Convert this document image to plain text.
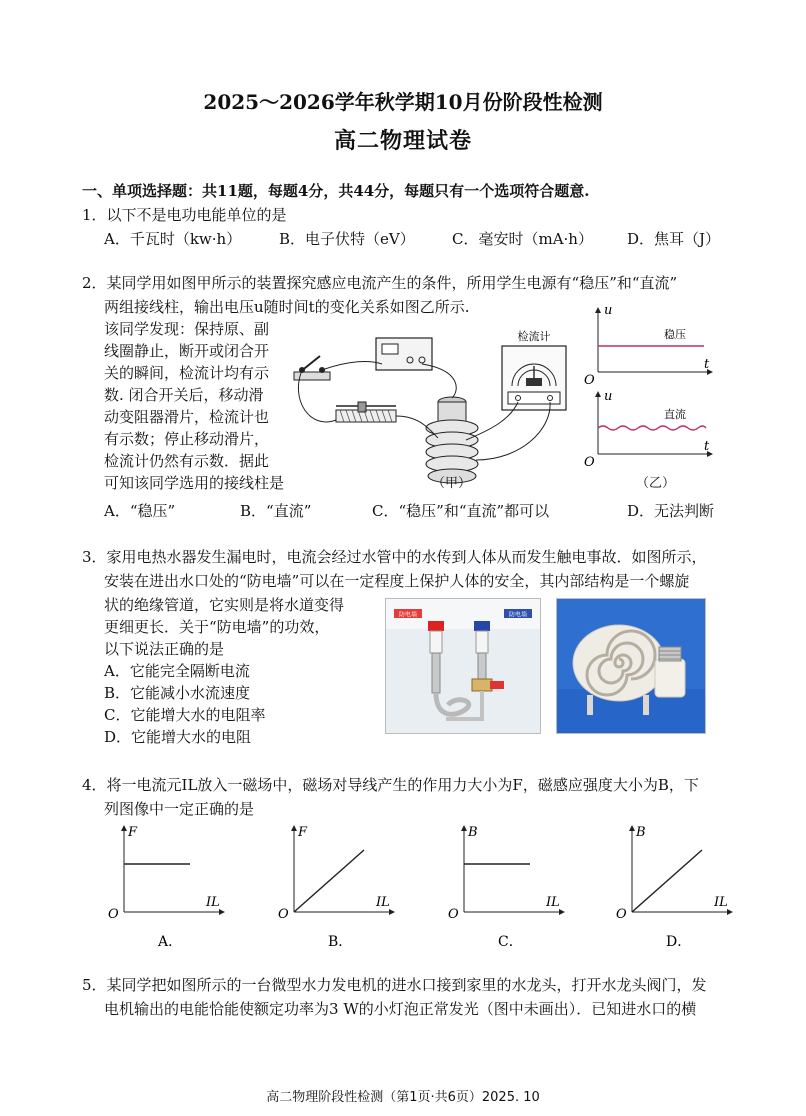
2025～2026学年秋学期10月份阶段性检测
高二物理试卷
一、单项选择题：共11题，每题4分，共44分，每题只有一个选项符合题意.
1．以下不是电功电能单位的是
A．千瓦时（kw·h）	B．电子伏特（eV） C．毫安时（mA·h） D．焦耳（J）
2．某同学用如图甲所示的装置探究感应电流产生的条件，所用学生电源有“稳压”和“直流”
两组接线柱，输出电压u随时间t的变化关系如图乙所示.
该同学发现：保持原、副
线圈静止，断开或闭合开
关的瞬间，检流计均有示
数. 闭合开关后，移动滑
动变阻器滑片，检流计也
有示数；停止移动滑片，
检流计仍然有示数．据此
可知该同学选用的接线柱是
检流计
（甲）
u
t
O
稳压
u
t
O
直流
（乙）
A．“稳压”	B．“直流”	C．“稳压”和“直流”都可以	D．无法判断
3．家用电热水器发生漏电时，电流会经过水管中的水传到人体从而发生触电事故．如图所示，
安装在进出水口处的“防电墙”可以在一定程度上保护人体的安全，其内部结构是一个螺旋
状的绝缘管道，它实则是将水道变得
更细更长．关于“防电墙”的功效，
以下说法正确的是
A．它能完全隔断电流
B．它能减小水流速度
C．它能增大水的电阻率
D．它能增大水的电阻
防电墙	防电墙
4．将一电流元IL放入一磁场中，磁场对导线产生的作用力大小为F，磁感应强度大小为B，下
列图像中一定正确的是
F
IL
O
A．
F
IL
O
B．
B
IL
O
C．
B
IL
O
D．
5．某同学把如图所示的一台微型水力发电机的进水口接到家里的水龙头，打开水龙头阀门，发
电机输出的电能恰能使额定功率为3 W的小灯泡正常发光（图中未画出）．已知进水口的横
高二物理阶段性检测（第1页·共6页）2025. 10
